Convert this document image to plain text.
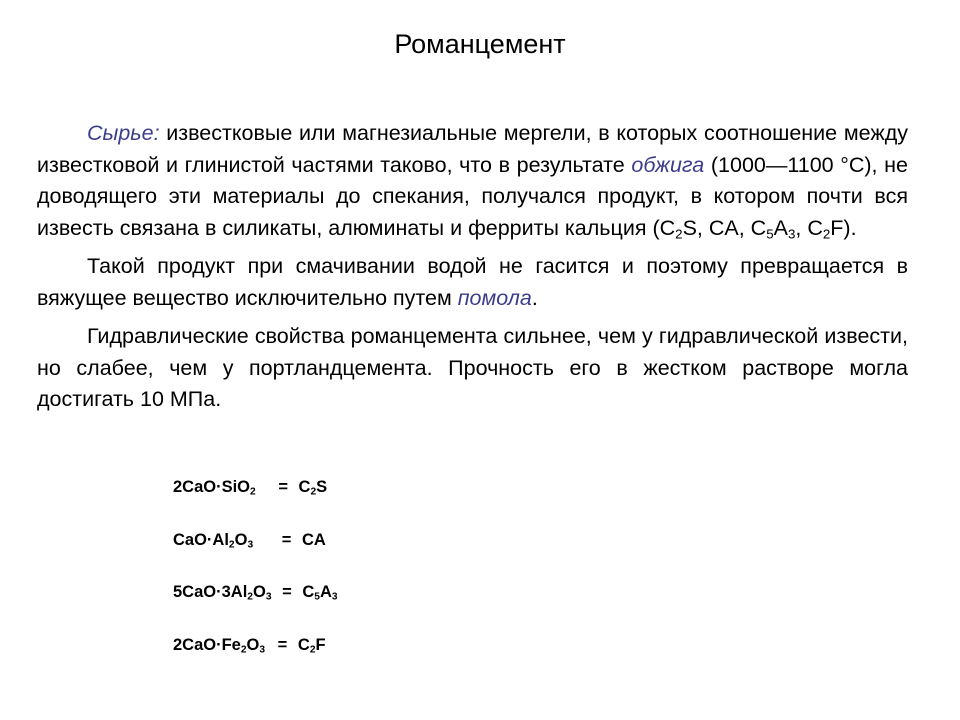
Романцемент

Сырье: известковые или магнезиальные мергели, в которых соотношение между известковой и глинистой частями таково, что в результате обжига (1000—1100 °С), не доводящего эти материалы до спекания, получался продукт, в котором почти вся известь связана в силикаты, алюминаты и ферриты кальция ($С_2S$, CA, $C_5A_3$, $C_2F$).

Такой продукт при смачивании водой не гасится и поэтому превращается в вяжущее вещество исключительно путем помола.

Гидравлические свойства романцемента сильнее, чем у гидравлической извести, но слабее, чем у портландцемента. Прочность его в жестком растворе могла достигать 10 МПа.

$2CaO\cdot SiO_2 = C_2S$
$CaO\cdot Al_2O_3$ = CA
$5CaO\cdot 3Al_2O_3 = C_5A_3$
$2CaO\cdot Fe_2O_3 = C_2F$
